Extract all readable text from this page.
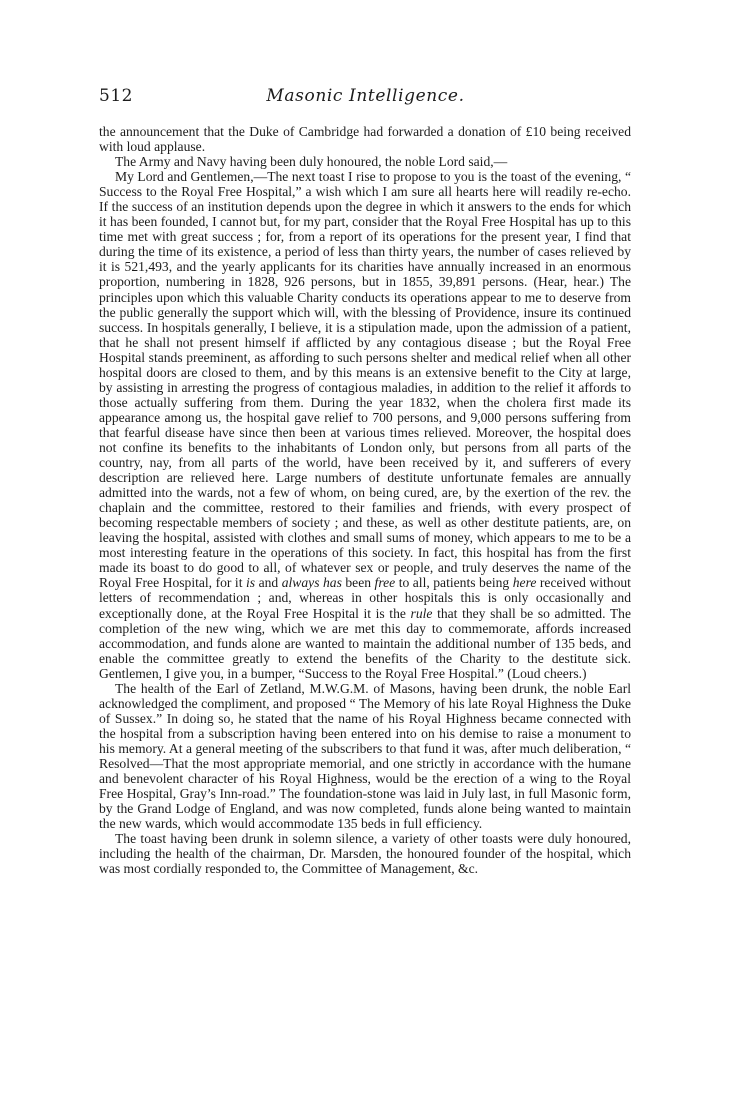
512	Masonic Intelligence.

the announcement that the Duke of Cambridge had forwarded a donation of £10 being received with loud applause.

The Army and Navy having been duly honoured, the noble Lord said,—

My Lord and Gentlemen,—The next toast I rise to propose to you is the toast of the evening, “ Success to the Royal Free Hospital,” a wish which I am sure all hearts here will readily re-echo. If the success of an institution depends upon the degree in which it answers to the ends for which it has been founded, I cannot but, for my part, consider that the Royal Free Hospital has up to this time met with great success ; for, from a report of its operations for the present year, I find that during the time of its existence, a period of less than thirty years, the number of cases relieved by it is 521,493, and the yearly applicants for its charities have annually increased in an enormous proportion, numbering in 1828, 926 persons, but in 1855, 39,891 persons. (Hear, hear.) The principles upon which this valuable Charity conducts its operations appear to me to deserve from the public generally the support which will, with the blessing of Providence, insure its continued success. In hospitals generally, I believe, it is a stipulation made, upon the admission of a patient, that he shall not present himself if afflicted by any contagious disease ; but the Royal Free Hospital stands preeminent, as affording to such persons shelter and medical relief when all other hospital doors are closed to them, and by this means is an extensive benefit to the City at large, by assisting in arresting the progress of contagious maladies, in addition to the relief it affords to those actually suffering from them. During the year 1832, when the cholera first made its appearance among us, the hospital gave relief to 700 persons, and 9,000 persons suffering from that fearful disease have since then been at various times relieved. Moreover, the hospital does not confine its benefits to the inhabitants of London only, but persons from all parts of the country, nay, from all parts of the world, have been received by it, and sufferers of every description are relieved here. Large numbers of destitute unfortunate females are annually admitted into the wards, not a few of whom, on being cured, are, by the exertion of the rev. the chaplain and the committee, restored to their families and friends, with every prospect of becoming respectable members of society ; and these, as well as other destitute patients, are, on leaving the hospital, assisted with clothes and small sums of money, which appears to me to be a most interesting feature in the operations of this society. In fact, this hospital has from the first made its boast to do good to all, of whatever sex or people, and truly deserves the name of the Royal Free Hospital, for it is and always has been free to all, patients being here received without letters of recommendation ; and, whereas in other hospitals this is only occasionally and exceptionally done, at the Royal Free Hospital it is the rule that they shall be so admitted. The completion of the new wing, which we are met this day to commemorate, affords increased accommodation, and funds alone are wanted to maintain the additional number of 135 beds, and enable the committee greatly to extend the benefits of the Charity to the destitute sick. Gentlemen, I give you, in a bumper, “Success to the Royal Free Hospital.” (Loud cheers.)

The health of the Earl of Zetland, M.W.G.M. of Masons, having been drunk, the noble Earl acknowledged the compliment, and proposed “ The Memory of his late Royal Highness the Duke of Sussex.” In doing so, he stated that the name of his Royal Highness became connected with the hospital from a subscription having been entered into on his demise to raise a monument to his memory. At a general meeting of the subscribers to that fund it was, after much deliberation, “ Resolved—That the most appropriate memorial, and one strictly in accordance with the humane and benevolent character of his Royal Highness, would be the erection of a wing to the Royal Free Hospital, Gray’s Inn-road.” The foundation-stone was laid in July last, in full Masonic form, by the Grand Lodge of England, and was now completed, funds alone being wanted to maintain the new wards, which would accommodate 135 beds in full efficiency.

The toast having been drunk in solemn silence, a variety of other toasts were duly honoured, including the health of the chairman, Dr. Marsden, the honoured founder of the hospital, which was most cordially responded to, the Committee of Management, &c.
